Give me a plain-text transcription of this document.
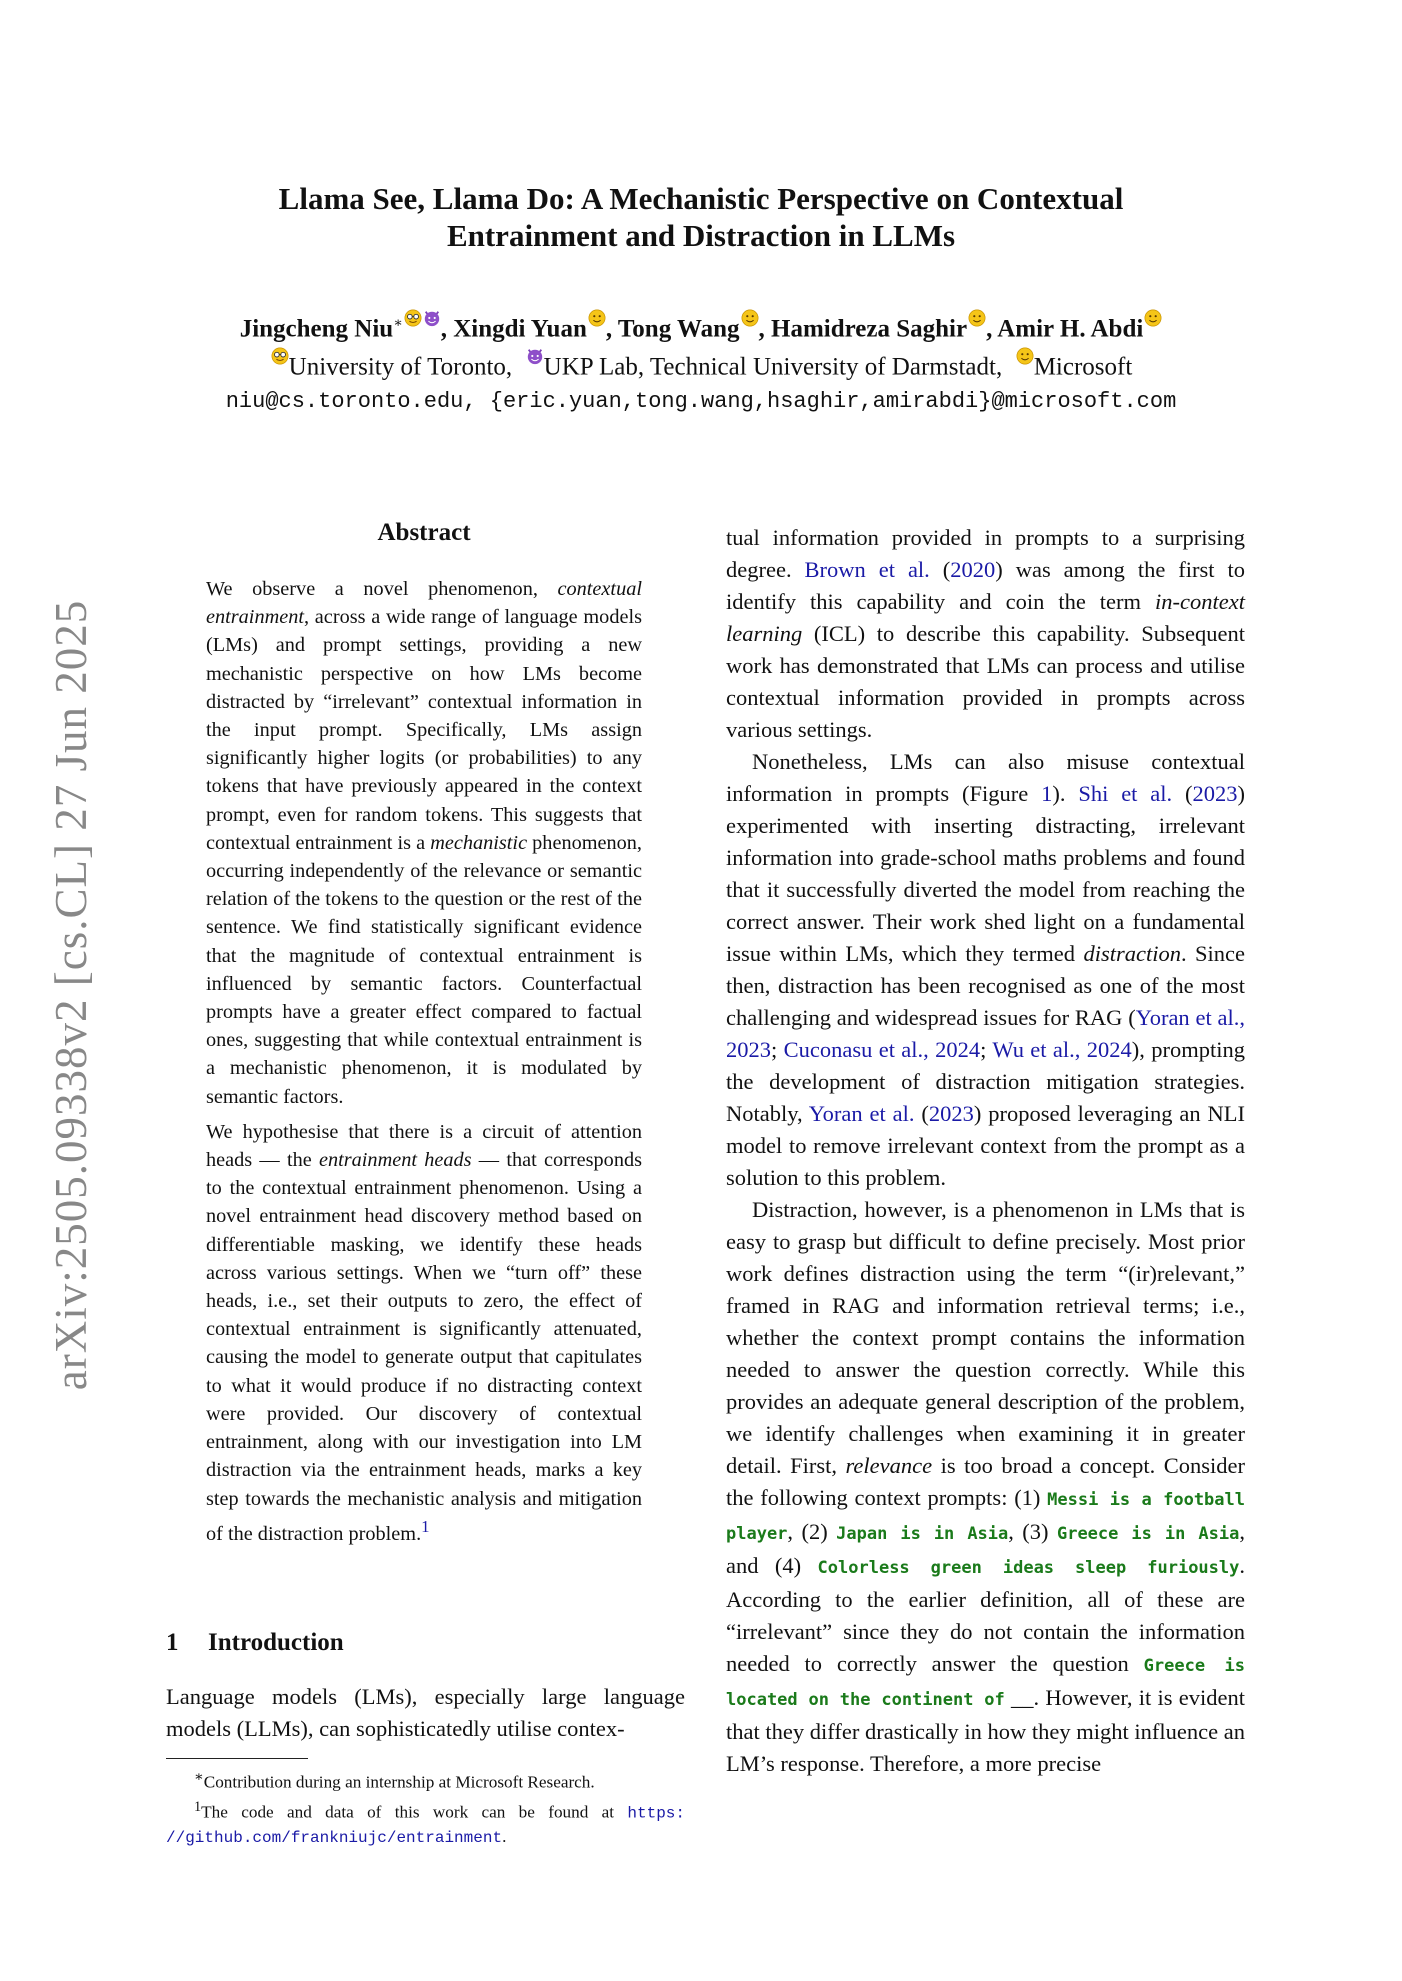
arXiv:2505.09338v2 [cs.CL] 27 Jun 2025
Llama See, Llama Do: A Mechanistic Perspective on Contextual
Entrainment and Distraction in LLMs
Jingcheng Niu∗ , Xingdi Yuan , Tong Wang , Hamidreza Saghir , Amir H. Abdi
University of Toronto, UKP Lab, Technical University of Darmstadt, Microsoft
niu@cs.toronto.edu, {eric.yuan,tong.wang,hsaghir,amirabdi}@microsoft.com
Abstract

We observe a novel phenomenon, contextual entrainment, across a wide range of language models (LMs) and prompt settings, providing a new mechanistic perspective on how LMs become distracted by “irrelevant” contextual information in the input prompt. Specifically, LMs assign significantly higher logits (or probabilities) to any tokens that have previously appeared in the context prompt, even for random tokens. This suggests that contextual entrainment is a mechanistic phenomenon, occurring independently of the relevance or semantic relation of the tokens to the question or the rest of the sentence. We find statistically significant evidence that the magnitude of contextual entrainment is influenced by semantic factors. Counterfactual prompts have a greater effect compared to factual ones, suggesting that while contextual entrainment is a mechanistic phenomenon, it is modulated by semantic factors.

We hypothesise that there is a circuit of attention heads — the entrainment heads — that corresponds to the contextual entrainment phenomenon. Using a novel entrainment head discovery method based on differentiable masking, we identify these heads across various settings. When we “turn off” these heads, i.e., set their outputs to zero, the effect of contextual entrainment is significantly attenuated, causing the model to generate output that capitulates to what it would produce if no distracting context were provided. Our discovery of contextual entrainment, along with our investigation into LM distraction via the entrainment heads, marks a key step towards the mechanistic analysis and mitigation of the distraction problem.$^1$

1 Introduction

Language models (LMs), especially large language models (LLMs), can sophisticatedly utilise contex-

∗Contribution during an internship at Microsoft Research.

$^1$The code and data of this work can be found at https: //github.com/frankniujc/entrainment.

tual information provided in prompts to a surprising degree. Brown et al. (2020) was among the first to identify this capability and coin the term in-context learning (ICL) to describe this capability. Subsequent work has demonstrated that LMs can process and utilise contextual information provided in prompts across various settings.

Nonetheless, LMs can also misuse contextual information in prompts (Figure 1). Shi et al. (2023) experimented with inserting distracting, irrelevant information into grade-school maths problems and found that it successfully diverted the model from reaching the correct answer. Their work shed light on a fundamental issue within LMs, which they termed distraction. Since then, distraction has been recognised as one of the most challenging and widespread issues for RAG (Yoran et al., 2023; Cuconasu et al., 2024; Wu et al., 2024), prompting the development of distraction mitigation strategies. Notably, Yoran et al. (2023) proposed leveraging an NLI model to remove irrelevant context from the prompt as a solution to this problem.

Distraction, however, is a phenomenon in LMs that is easy to grasp but difficult to define precisely. Most prior work defines distraction using the term “(ir)relevant,” framed in RAG and information retrieval terms; i.e., whether the context prompt contains the information needed to answer the question correctly. While this provides an adequate general description of the problem, we identify challenges when examining it in greater detail. First, relevance is too broad a concept. Consider the following context prompts: (1) Messi is a football player, (2) Japan is in Asia, (3) Greece is in Asia, and (4) Colorless green ideas sleep furiously. According to the earlier definition, all of these are “irrelevant” since they do not contain the information needed to correctly answer the question Greece is located on the continent of __. However, it is evident that they differ drastically in how they might influence an LM’s response. Therefore, a more precise
